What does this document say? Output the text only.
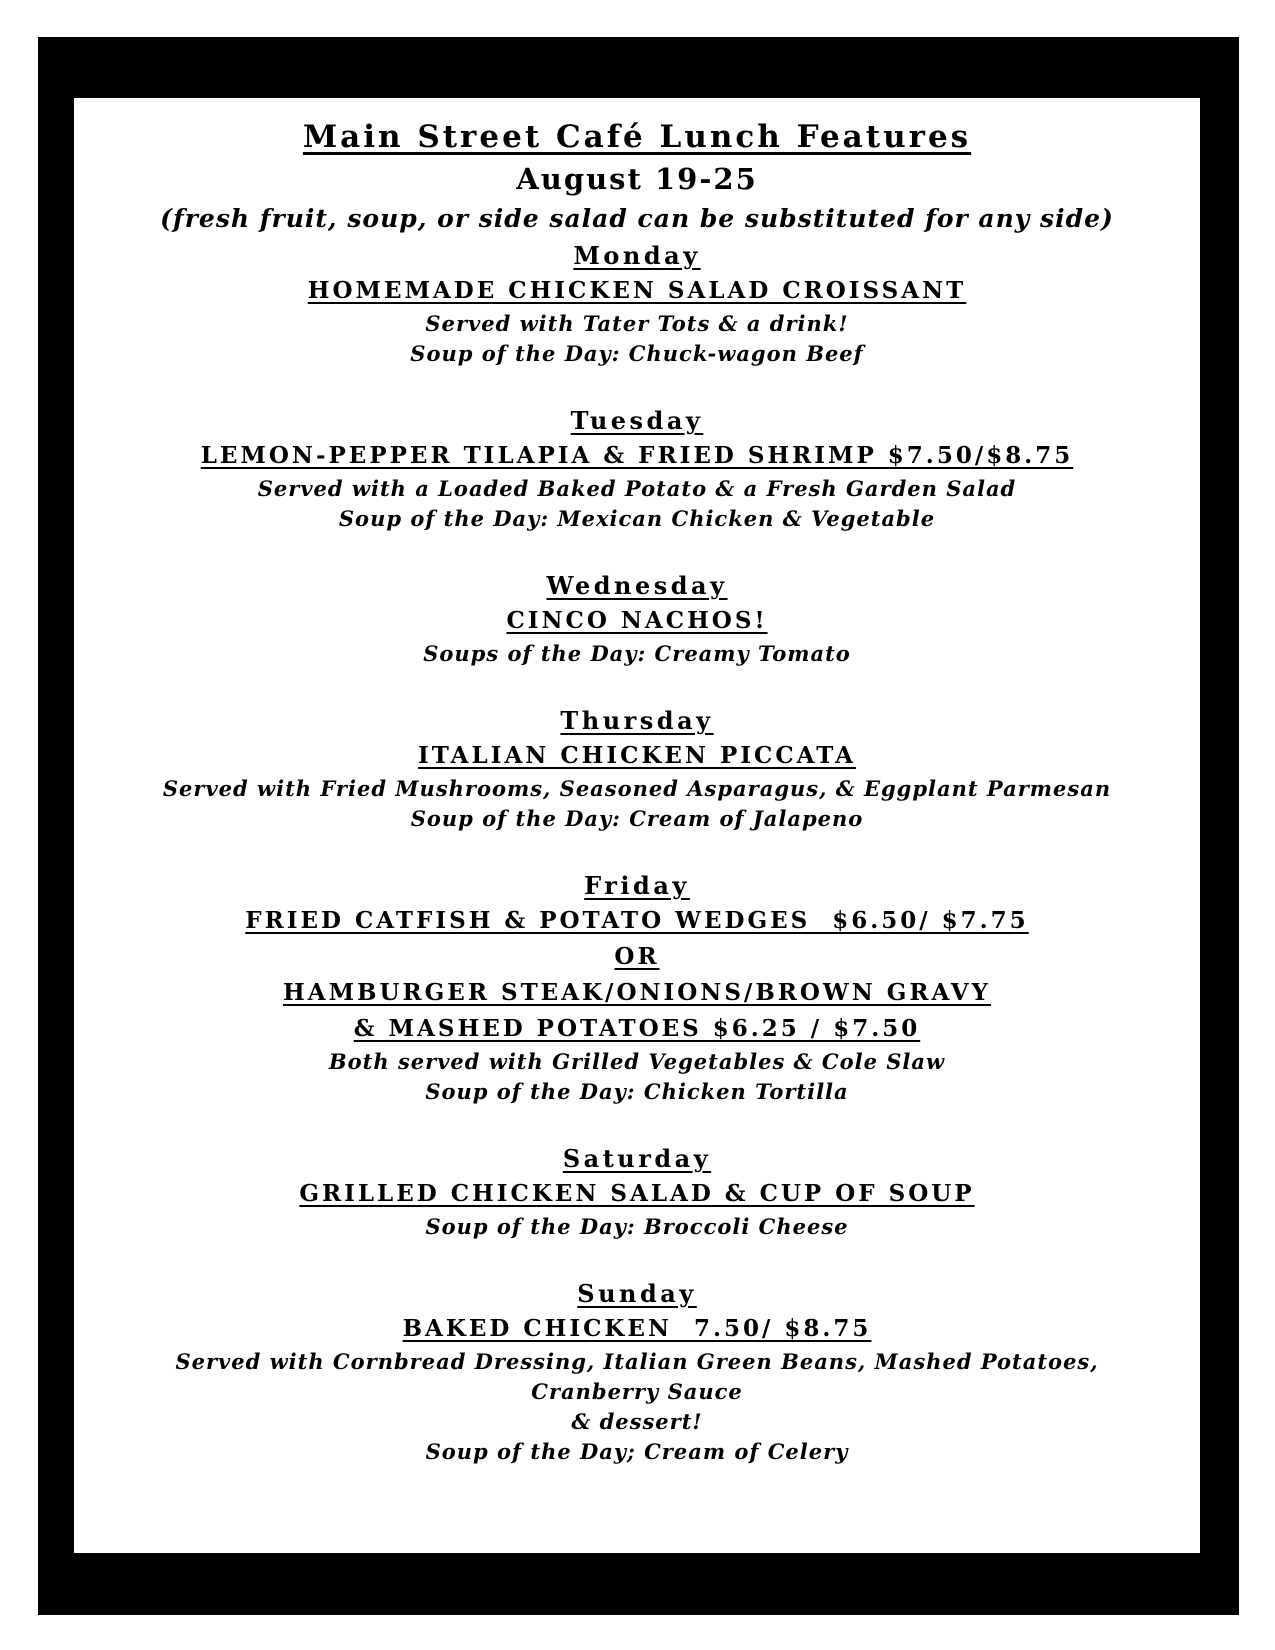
Main Street Café Lunch Features
August 19-25
(fresh fruit, soup, or side salad can be substituted for any side)
Monday
HOMEMADE CHICKEN SALAD CROISSANT
Served with Tater Tots & a drink!
Soup of the Day: Chuck-wagon Beef
Tuesday
LEMON-PEPPER TILAPIA & FRIED SHRIMP $7.50/$8.75
Served with a Loaded Baked Potato & a Fresh Garden Salad
Soup of the Day: Mexican Chicken & Vegetable
Wednesday
CINCO NACHOS!
Soups of the Day: Creamy Tomato
Thursday
ITALIAN CHICKEN PICCATA
Served with Fried Mushrooms, Seasoned Asparagus, & Eggplant Parmesan
Soup of the Day: Cream of Jalapeno
Friday
FRIED CATFISH & POTATO WEDGES  $6.50/ $7.75
OR
HAMBURGER STEAK/ONIONS/BROWN GRAVY
& MASHED POTATOES $6.25 / $7.50
Both served with Grilled Vegetables & Cole Slaw
Soup of the Day: Chicken Tortilla
Saturday
GRILLED CHICKEN SALAD & CUP OF SOUP
Soup of the Day: Broccoli Cheese
Sunday
BAKED CHICKEN  7.50/ $8.75
Served with Cornbread Dressing, Italian Green Beans, Mashed Potatoes,
Cranberry Sauce
& dessert!
Soup of the Day; Cream of Celery
